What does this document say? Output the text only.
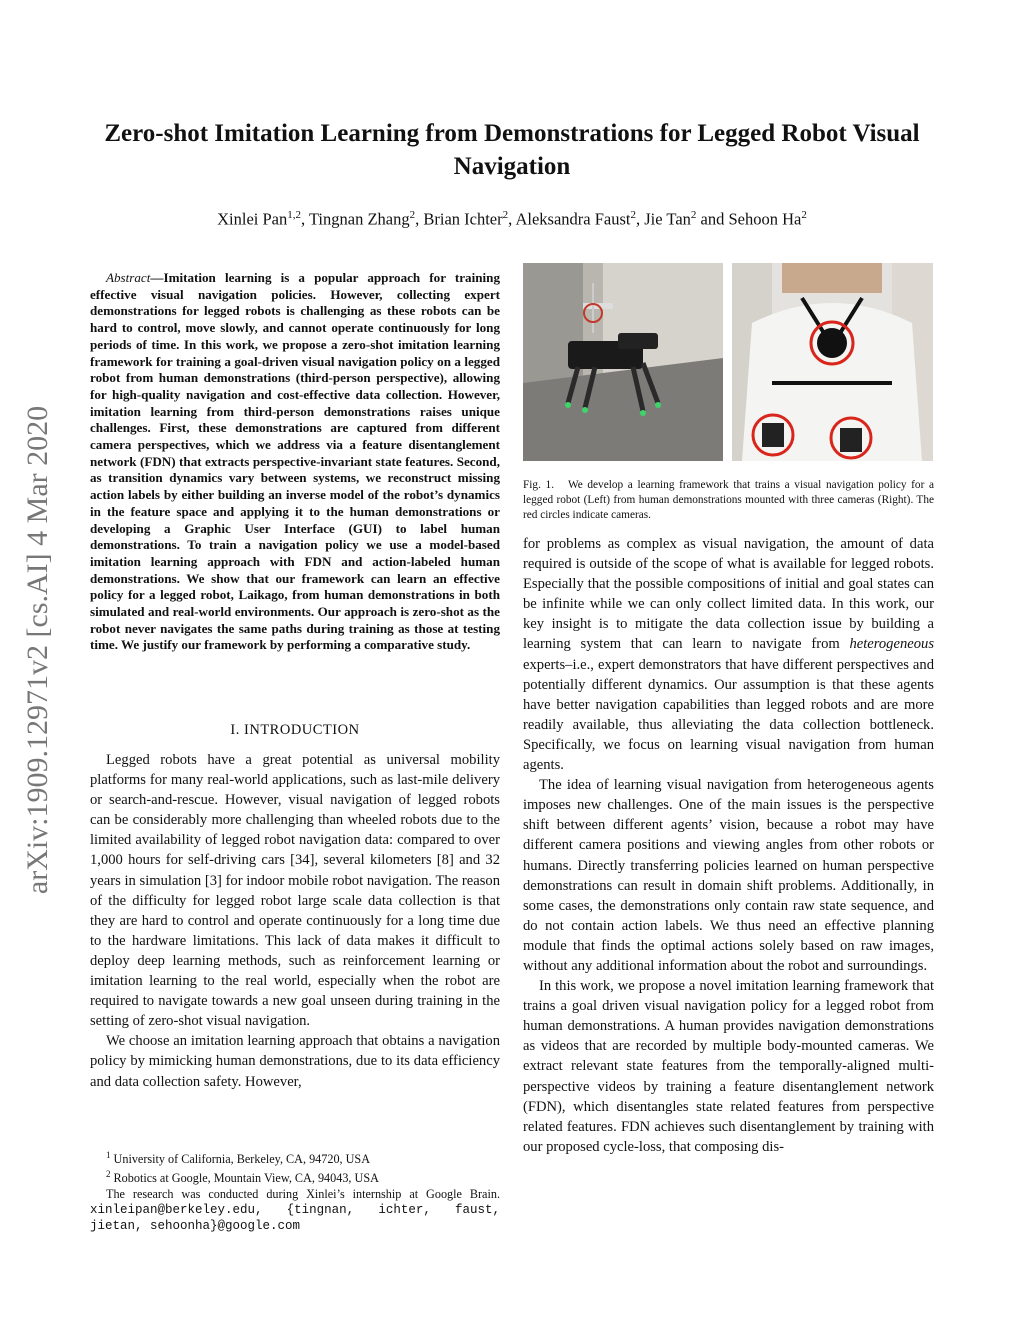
Zero-shot Imitation Learning from Demonstrations for Legged Robot Visual Navigation
Xinlei Pan$^{1,2}$, Tingnan Zhang$^2$, Brian Ichter$^2$, Aleksandra Faust$^2$, Jie Tan$^2$ and Sehoon Ha$^2$
arXiv:1909.12971v2 [cs.AI] 4 Mar 2020
Abstract—Imitation learning is a popular approach for training effective visual navigation policies. However, collecting expert demonstrations for legged robots is challenging as these robots can be hard to control, move slowly, and cannot operate continuously for long periods of time. In this work, we propose a zero-shot imitation learning framework for training a goal-driven visual navigation policy on a legged robot from human demonstrations (third-person perspective), allowing for high-quality navigation and cost-effective data collection. However, imitation learning from third-person demonstrations raises unique challenges. First, these demonstrations are captured from different camera perspectives, which we address via a feature disentanglement network (FDN) that extracts perspective-invariant state features. Second, as transition dynamics vary between systems, we reconstruct missing action labels by either building an inverse model of the robot’s dynamics in the feature space and applying it to the human demonstrations or developing a Graphic User Interface (GUI) to label human demonstrations. To train a navigation policy we use a model-based imitation learning approach with FDN and action-labeled human demonstrations. We show that our framework can learn an effective policy for a legged robot, Laikago, from human demonstrations in both simulated and real-world environments. Our approach is zero-shot as the robot never navigates the same paths during training as those at testing time. We justify our framework by performing a comparative study.
I. INTRODUCTION

Legged robots have a great potential as universal mobility platforms for many real-world applications, such as last-mile delivery or search-and-rescue. However, visual navigation of legged robots can be considerably more challenging than wheeled robots due to the limited availability of legged robot navigation data: compared to over 1,000 hours for self-driving cars [34], several kilometers [8] and 32 years in simulation [3] for indoor mobile robot navigation. The reason of the difficulty for legged robot large scale data collection is that they are hard to control and operate continuously for a long time due to the hardware limitations. This lack of data makes it difficult to deploy deep learning methods, such as reinforcement learning or imitation learning to the real world, especially when the robot are required to navigate towards a new goal unseen during training in the setting of zero-shot visual navigation.

We choose an imitation learning approach that obtains a navigation policy by mimicking human demonstrations, due to its data efficiency and data collection safety. However,

Fig. 1. We develop a learning framework that trains a visual navigation policy for a legged robot (Left) from human demonstrations mounted with three cameras (Right). The red circles indicate cameras.

for problems as complex as visual navigation, the amount of data required is outside of the scope of what is available for legged robots. Especially that the possible compositions of initial and goal states can be infinite while we can only collect limited data. In this work, our key insight is to mitigate the data collection issue by building a learning system that can learn to navigate from heterogeneous experts–i.e., expert demonstrators that have different perspectives and potentially different dynamics. Our assumption is that these agents have better navigation capabilities than legged robots and are more readily available, thus alleviating the data collection bottleneck. Specifically, we focus on learning visual navigation from human agents.

The idea of learning visual navigation from heterogeneous agents imposes new challenges. One of the main issues is the perspective shift between different agents’ vision, because a robot may have different camera positions and viewing angles from other robots or humans. Directly transferring policies learned on human perspective demonstrations can result in domain shift problems. Additionally, in some cases, the demonstrations only contain raw state sequence, and do not contain action labels. We thus need an effective planning module that finds the optimal actions solely based on raw images, without any additional information about the robot and surroundings.

In this work, we propose a novel imitation learning framework that trains a goal driven visual navigation policy for a legged robot from human demonstrations. A human provides navigation demonstrations as videos that are recorded by multiple body-mounted cameras. We extract relevant state features from the temporally-aligned multi-perspective videos by training a feature disentanglement network (FDN), which disentangles state related features from perspective related features. FDN achieves such disentanglement by training with our proposed cycle-loss, that composing dis-

$^1$ University of California, Berkeley, CA, 94720, USA
$^2$ Robotics at Google, Mountain View, CA, 94043, USA
The research was conducted during Xinlei’s internship at Google Brain. xinleipan@berkeley.edu, {tingnan, ichter, faust, jietan, sehoonha}@google.com
